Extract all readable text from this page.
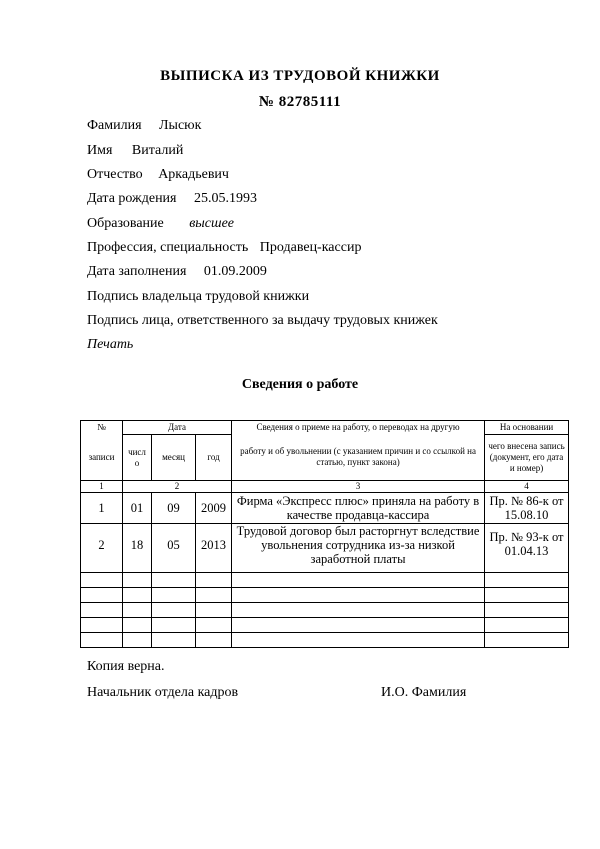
ВЫПИСКА ИЗ ТРУДОВОЙ КНИЖКИ
№ 82785111
Фамилия Лысюк
Имя Виталий
Отчество Аркадьевич
Дата рождения 25.05.1993
Образование высшее
Профессия, специальность Продавец-кассир
Дата заполнения 01.09.2009
Подпись владельца трудовой книжки
Подпись лица, ответственного за выдачу трудовых книжек
Печать
Сведения о работе
№	Дата			Сведения о приеме на работу, о переводах на другую	На основании
записи	числ о	месяц	год	работу и об увольнении (с указанием причин и со ссылкой на статью, пункт закона)	чего внесена запись (документ, его дата и номер)
1	2			3	4
1	01	09	2009	Фирма «Экспресс плюс» приняла на работу в качестве продавца-кассира	Пр. № 86-к от 15.08.10
2	18	05	2013	Трудовой договор был расторгнут вследствие увольнения сотрудника из-за низкой заработной платы	Пр. № 93-к от 01.04.13

Копия верна.
Начальник отдела кадров	И.О. Фамилия
